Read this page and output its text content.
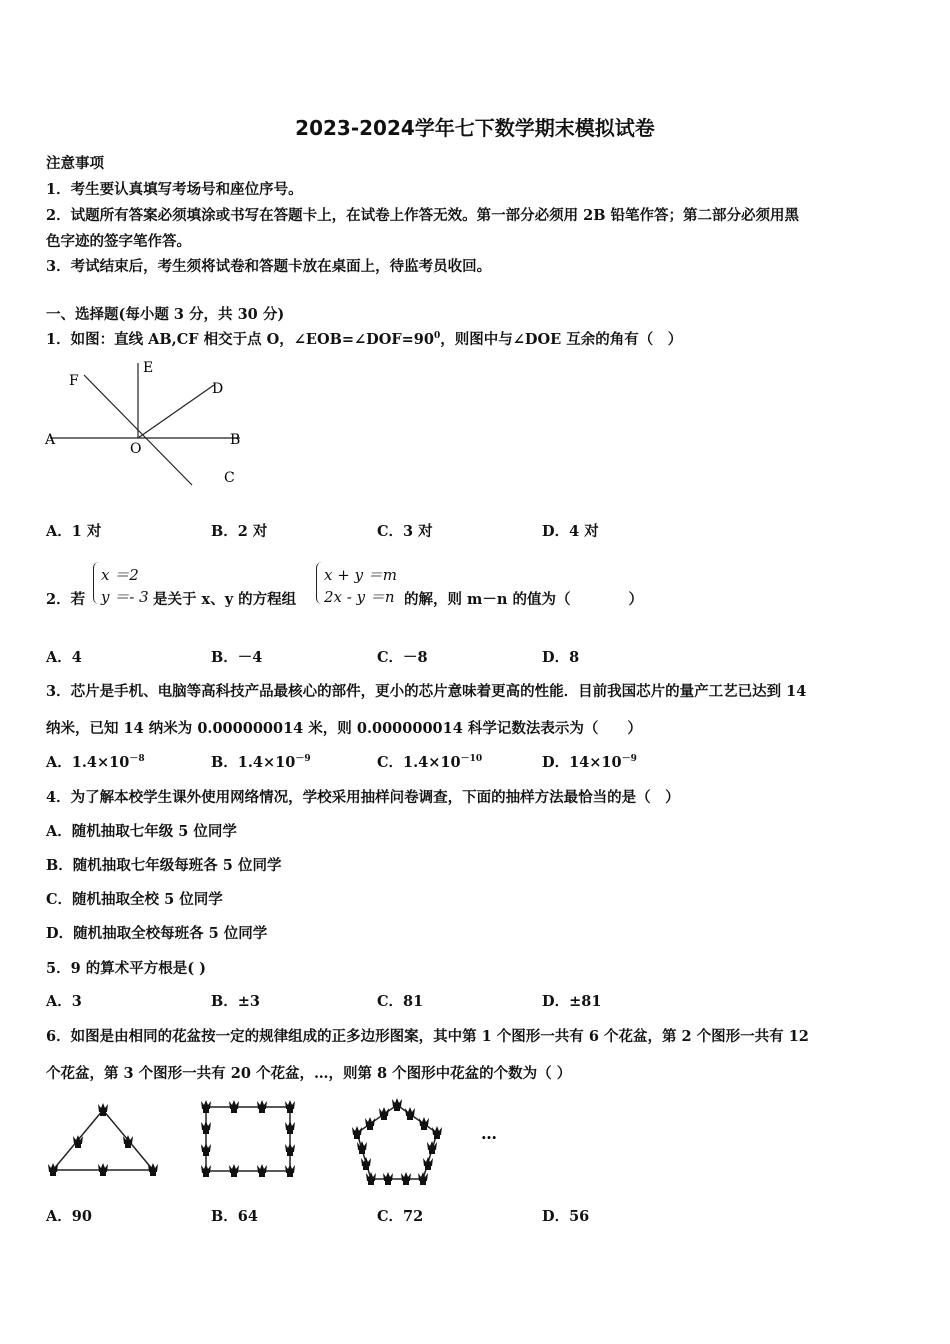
2023-2024学年七下数学期末模拟试卷
注意事项
1．考生要认真填写考场号和座位序号。
2．试题所有答案必须填涂或书写在答题卡上，在试卷上作答无效。第一部分必须用 2B 铅笔作答；第二部分必须用黑
色字迹的签字笔作答。
3．考试结束后，考生须将试卷和答题卡放在桌面上，待监考员收回。
一、选择题(每小题 3 分，共 30 分)
1．如图：直线 AB,CF 相交于点 O，$\angle EOB=\angle DOF=90^0$，则图中与∠DOE 互余的角有（　）
A	B
C
D
E
F
O
A．1 对	B．2 对	C．3 对	D．4 对
2．若
x ＝2
y ＝- 3 是关于 x、y 的方程组
x + y ＝m
2x - y ＝n 的解，则 m－n 的值为（　　　　）
A．4	B．－4	C．－8	D．8
3．芯片是手机、电脑等高科技产品最核心的部件，更小的芯片意味着更高的性能．目前我国芯片的量产工艺已达到 14
纳米，已知 14 纳米为 0.000000014 米，则 0.000000014 科学记数法表示为（　　）
A．$1.4\times 10^{-8}$	B．$1.4\times 10^{-9}$	C．$1.4\times 10^{-10}$	D．$14\times 10^{-9}$
4．为了解本校学生课外使用网络情况，学校采用抽样问卷调查，下面的抽样方法最恰当的是（　）
A．随机抽取七年级 5 位同学
B．随机抽取七年级每班各 5 位同学
C．随机抽取全校 5 位同学
D．随机抽取全校每班各 5 位同学
5．9 的算术平方根是( )
A．3	B．±3	C．81	D．±81
6．如图是由相同的花盆按一定的规律组成的正多边形图案，其中第 1 个图形一共有 6 个花盆，第 2 个图形一共有 12
个花盆，第 3 个图形一共有 20 个花盆，…，则第 8 个图形中花盆的个数为（ ）
…
A．90	B．64	C．72	D．56
